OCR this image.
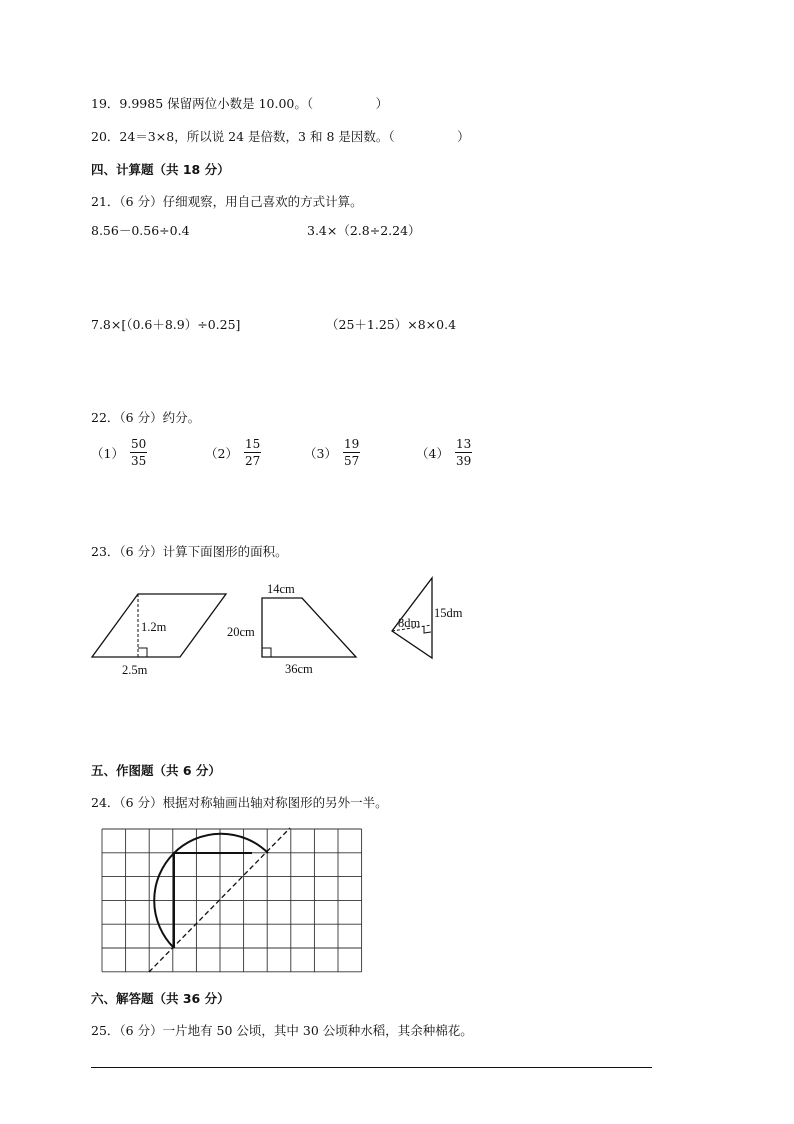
19．9.9985 保留两位小数是 10.00。（　　　　　）
20．24＝3×8，所以说 24 是倍数，3 和 8 是因数。（　　　　　）
四、计算题（共 18 分）
21．（6 分）仔细观察，用自己喜欢的方式计算。
8.56－0.56÷0.4	3.4×（2.8÷2.24）
7.8×[（0.6＋8.9）÷0.25]	（25＋1.25）×8×0.4
22．（6 分）约分。
$(1) \frac{50}{35}$	$(2) \frac{15}{27}$	$(3) \frac{19}{57}$	$(4) \frac{13}{39}$
23．（6 分）计算下面图形的面积。
1.2m
2.5m
14cm
20cm
36cm
8dm
15dm
五、作图题（共 6 分）
24．（6 分）根据对称轴画出轴对称图形的另外一半。
六、解答题（共 36 分）
25．（6 分）一片地有 50 公顷，其中 30 公顷种水稻，其余种棉花。
